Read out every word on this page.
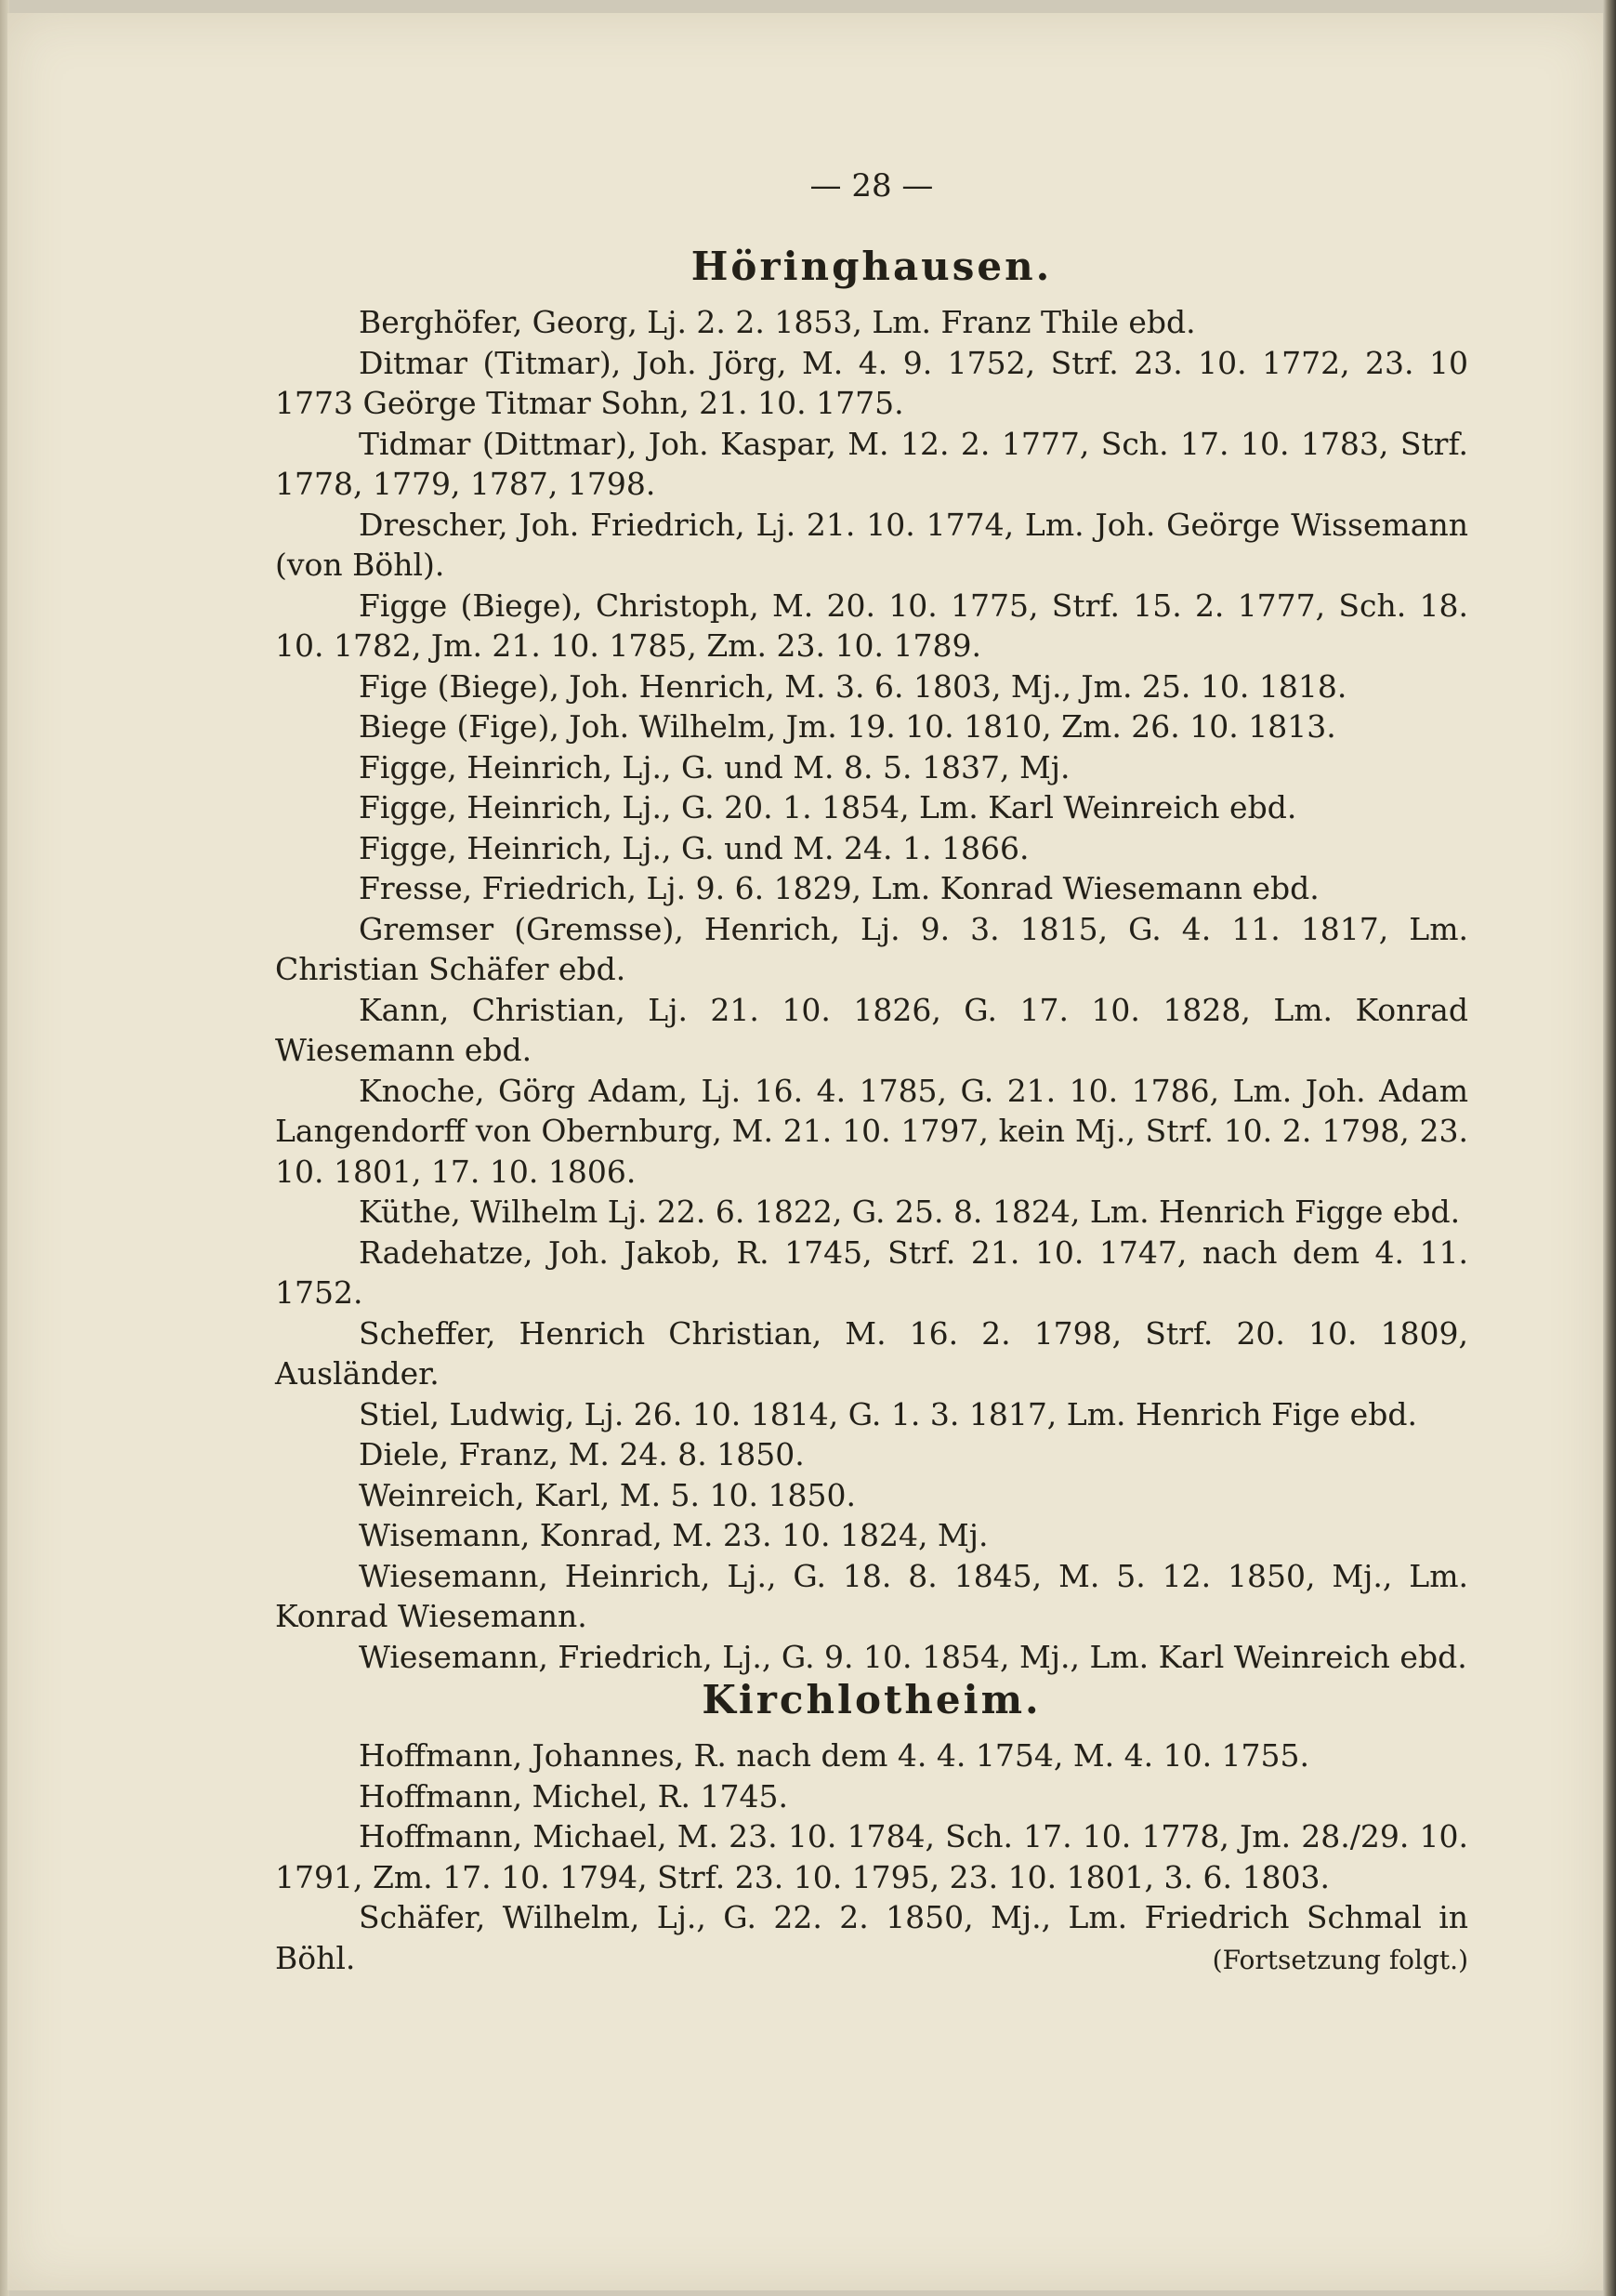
— 28 —
Höringhausen.

Berghöfer, Georg, Lj. 2. 2. 1853, Lm. Franz Thile ebd.

Ditmar (Titmar), Joh. Jörg, M. 4. 9. 1752, Strf. 23. 10. 1772, 23. 10 1773 Geörge Titmar Sohn, 21. 10. 1775.

Tidmar (Dittmar), Joh. Kaspar, M. 12. 2. 1777, Sch. 17. 10. 1783, Strf. 1778, 1779, 1787, 1798.

Drescher, Joh. Friedrich, Lj. 21. 10. 1774, Lm. Joh. Geörge Wissemann (von Böhl).

Figge (Biege), Christoph, M. 20. 10. 1775, Strf. 15. 2. 1777, Sch. 18. 10. 1782, Jm. 21. 10. 1785, Zm. 23. 10. 1789.

Fige (Biege), Joh. Henrich, M. 3. 6. 1803, Mj., Jm. 25. 10. 1818.

Biege (Fige), Joh. Wilhelm, Jm. 19. 10. 1810, Zm. 26. 10. 1813.

Figge, Heinrich, Lj., G. und M. 8. 5. 1837, Mj.

Figge, Heinrich, Lj., G. 20. 1. 1854, Lm. Karl Weinreich ebd.

Figge, Heinrich, Lj., G. und M. 24. 1. 1866.

Fresse, Friedrich, Lj. 9. 6. 1829, Lm. Konrad Wiesemann ebd.

Gremser (Gremsse), Henrich, Lj. 9. 3. 1815, G. 4. 11. 1817, Lm. Christian Schäfer ebd.

Kann, Christian, Lj. 21. 10. 1826, G. 17. 10. 1828, Lm. Konrad Wiesemann ebd.

Knoche, Görg Adam, Lj. 16. 4. 1785, G. 21. 10. 1786, Lm. Joh. Adam Langendorff von Obernburg, M. 21. 10. 1797, kein Mj., Strf. 10. 2. 1798, 23. 10. 1801, 17. 10. 1806.

Küthe, Wilhelm Lj. 22. 6. 1822, G. 25. 8. 1824, Lm. Henrich Figge ebd.

Radehatze, Joh. Jakob, R. 1745, Strf. 21. 10. 1747, nach dem 4. 11. 1752.

Scheffer, Henrich Christian, M. 16. 2. 1798, Strf. 20. 10. 1809, Ausländer.

Stiel, Ludwig, Lj. 26. 10. 1814, G. 1. 3. 1817, Lm. Henrich Fige ebd.

Diele, Franz, M. 24. 8. 1850.

Weinreich, Karl, M. 5. 10. 1850.

Wisemann, Konrad, M. 23. 10. 1824, Mj.

Wiesemann, Heinrich, Lj., G. 18. 8. 1845, M. 5. 12. 1850, Mj., Lm. Konrad Wiesemann.

Wiesemann, Friedrich, Lj., G. 9. 10. 1854, Mj., Lm. Karl Weinreich ebd.

Kirchlotheim.

Hoffmann, Johannes, R. nach dem 4. 4. 1754, M. 4. 10. 1755.

Hoffmann, Michel, R. 1745.

Hoffmann, Michael, M. 23. 10. 1784, Sch. 17. 10. 1778, Jm. 28./29. 10. 1791, Zm. 17. 10. 1794, Strf. 23. 10. 1795, 23. 10. 1801, 3. 6. 1803.

Schäfer, Wilhelm, Lj., G. 22. 2. 1850, Mj., Lm. Friedrich Schmal in Böhl.	(Fortsetzung folgt.)
